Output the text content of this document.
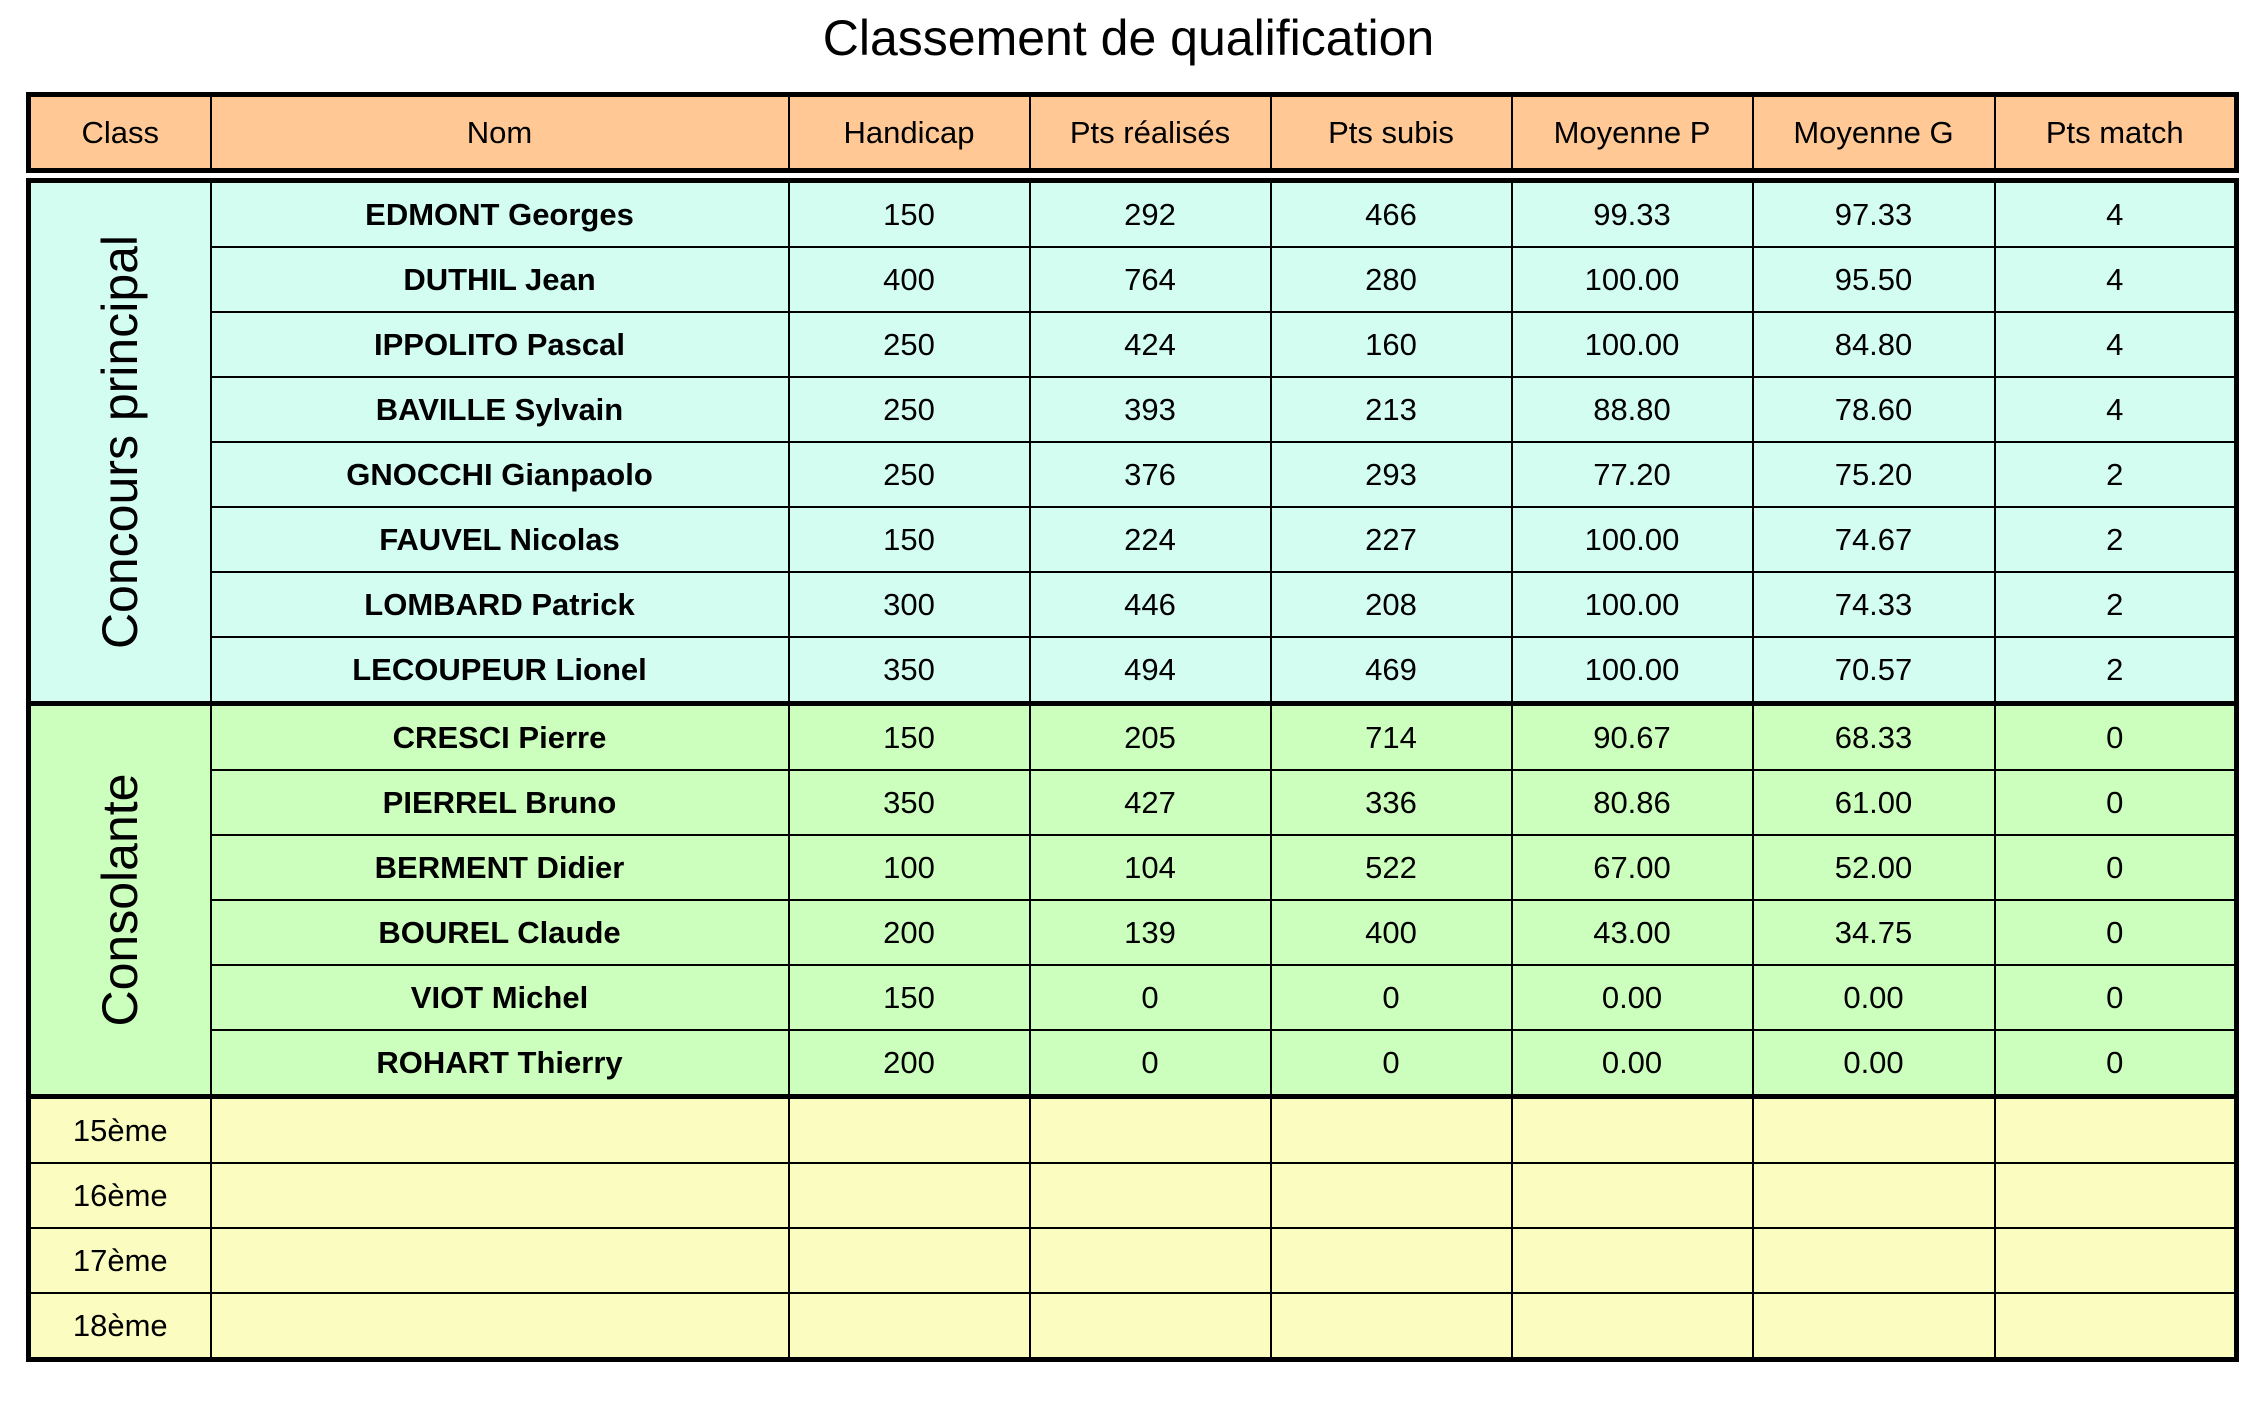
Classement de qualification
Class	Nom	Handicap	Pts réalisés	Pts subis	Moyenne P	Moyenne G	Pts match
Concours principal	EDMONT Georges	150	292	466	99.33	97.33	4
	DUTHIL Jean	400	764	280	100.00	95.50	4
	IPPOLITO Pascal	250	424	160	100.00	84.80	4
	BAVILLE Sylvain	250	393	213	88.80	78.60	4
	GNOCCHI Gianpaolo	250	376	293	77.20	75.20	2
	FAUVEL Nicolas	150	224	227	100.00	74.67	2
	LOMBARD Patrick	300	446	208	100.00	74.33	2
	LECOUPEUR Lionel	350	494	469	100.00	70.57	2

Consolante	CRESCI Pierre	150	205	714	90.67	68.33	0
	PIERREL Bruno	350	427	336	80.86	61.00	0
	BERMENT Didier	100	104	522	67.00	52.00	0
	BOUREL Claude	200	139	400	43.00	34.75	0
	VIOT Michel	150	0	0	0.00	0.00	0
	ROHART Thierry	200	0	0	0.00	0.00	0
15ème							
16ème							
17ème							
18ème							
